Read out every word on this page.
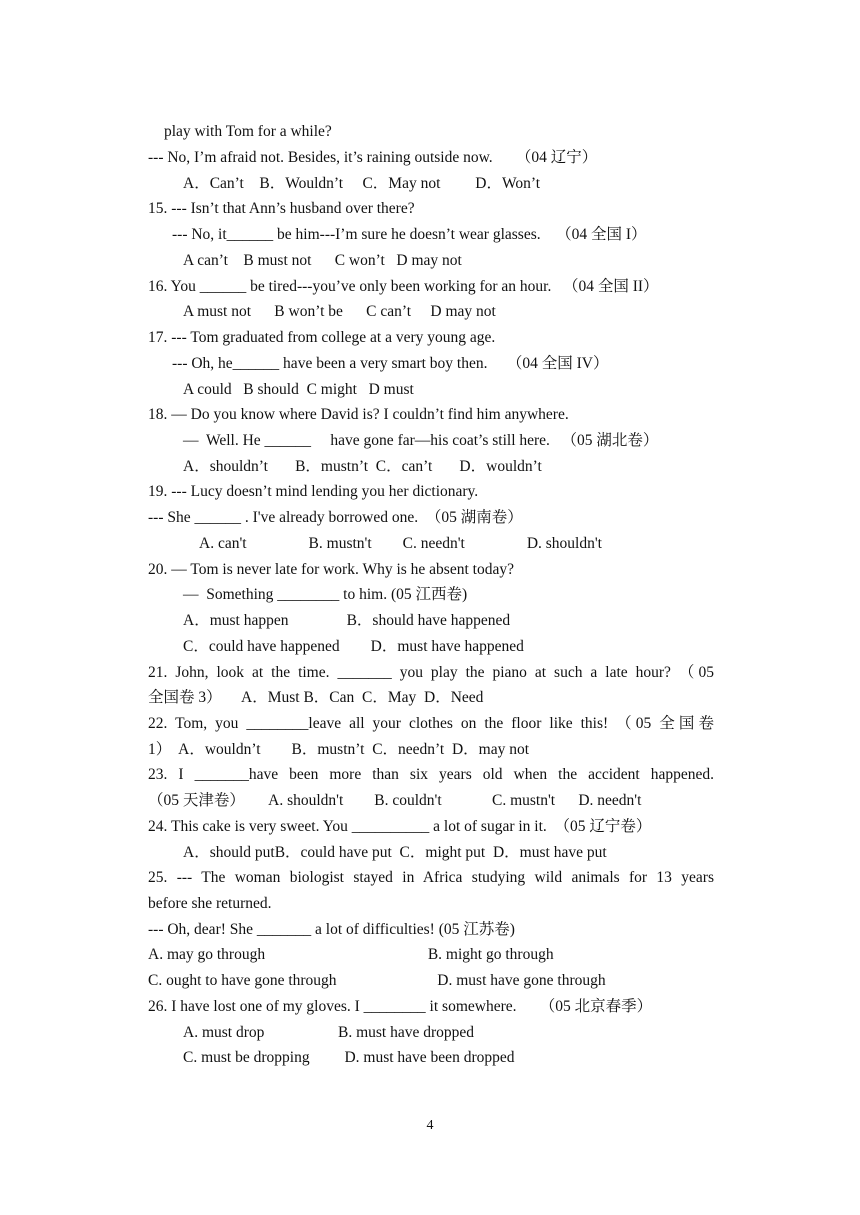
play with Tom for a while?
--- No, I’m afraid not. Besides, it’s raining outside now.      （04 辽宁）
A．Can’t    B．Wouldn’t     C．May not         D．Won’t
15. --- Isn’t that Ann’s husband over there?
--- No, it______ be him---I’m sure he doesn’t wear glasses.    （04 全国 I）
A can’t    B must not      C won’t   D may not
16. You ______ be tired---you’ve only been working for an hour.   （04 全国 II）
A must not      B won’t be      C can’t     D may not
17. --- Tom graduated from college at a very young age.
--- Oh, he______ have been a very smart boy then.     （04 全国 IV）
A could   B should  C might   D must
18. — Do you know where David is? I couldn’t find him anywhere.
—  Well. He ______     have gone far—his coat’s still here.   （05 湖北卷）
A．shouldn’t       B．mustn’t  C．can’t       D．wouldn’t
19. --- Lucy doesn’t mind lending you her dictionary.
--- She ______ . I've already borrowed one.  （05 湖南卷）
A. can't                B. mustn't        C. needn't                D. shouldn't
20. — Tom is never late for work. Why is he absent today?
—  Something ________ to him. (05 江西卷)
A．must happen               B．should have happened
C．could have happened        D．must have happened
21. John, look at the time. _______ you play the piano at such a late hour? （05
全国卷 3）     A．Must B．Can  C．May  D．Need
22. Tom, you ________leave all your clothes on the floor like this! （05 全国卷
1）  A．wouldn’t        B．mustn’t  C．needn’t  D．may not
23. I _______have been more than six years old when the accident happened.
（05 天津卷）      A. shouldn't        B. couldn't             C. mustn't      D. needn't
24. This cake is very sweet. You __________ a lot of sugar in it.  （05 辽宁卷）
A．should putB．could have put  C．might put  D．must have put
25. --- The woman biologist stayed in Africa studying wild animals for 13 years
before she returned.
--- Oh, dear! She _______ a lot of difficulties! (05 江苏卷)
A. may go through                                          B. might go through
C. ought to have gone through                          D. must have gone through
26. I have lost one of my gloves. I ________ it somewhere.      （05 北京春季）
A. must drop                   B. must have dropped
C. must be dropping         D. must have been dropped
4
